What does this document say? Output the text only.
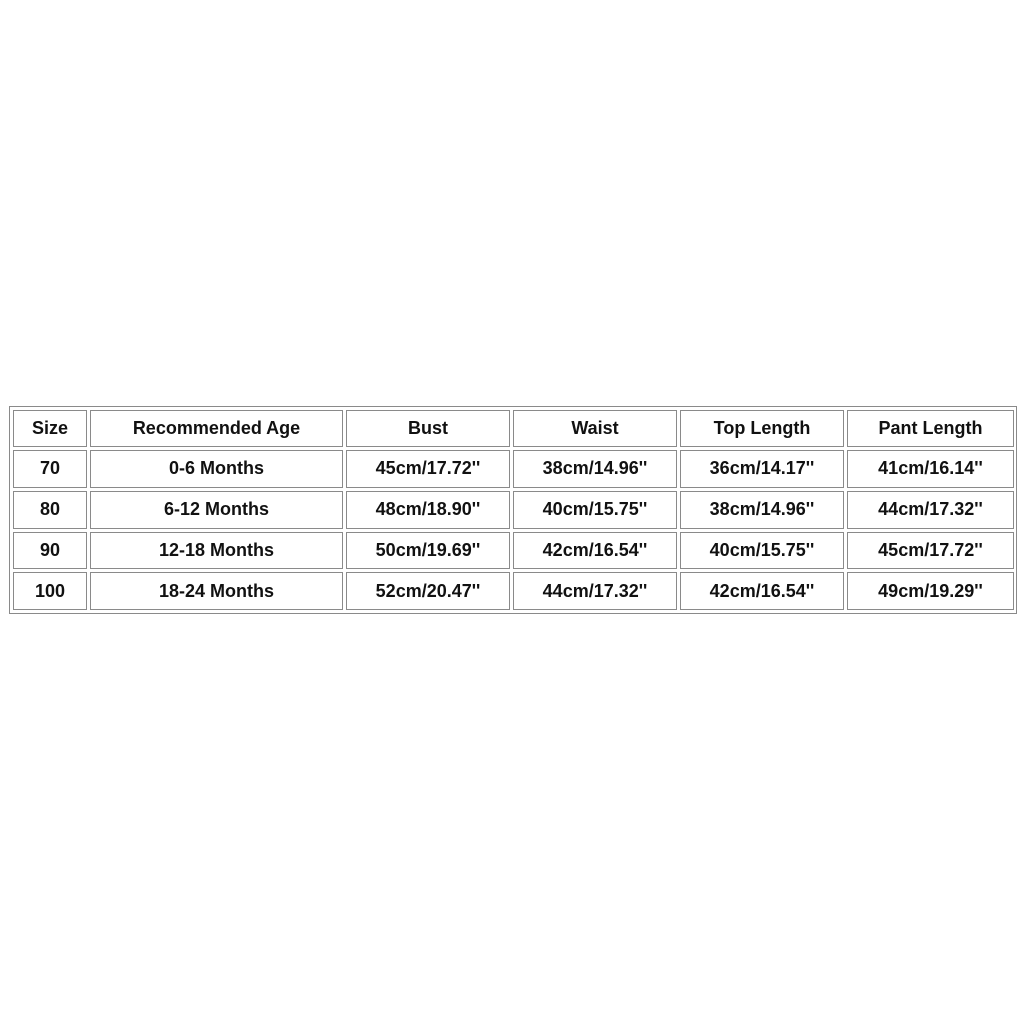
Size	Recommended Age	Bust	Waist	Top Length	Pant Length
70	0-6 Months	45cm/17.72''	38cm/14.96''	36cm/14.17''	41cm/16.14''
80	6-12 Months	48cm/18.90''	40cm/15.75''	38cm/14.96''	44cm/17.32''
90	12-18 Months	50cm/19.69''	42cm/16.54''	40cm/15.75''	45cm/17.72''
100	18-24 Months	52cm/20.47''	44cm/17.32''	42cm/16.54''	49cm/19.29''
